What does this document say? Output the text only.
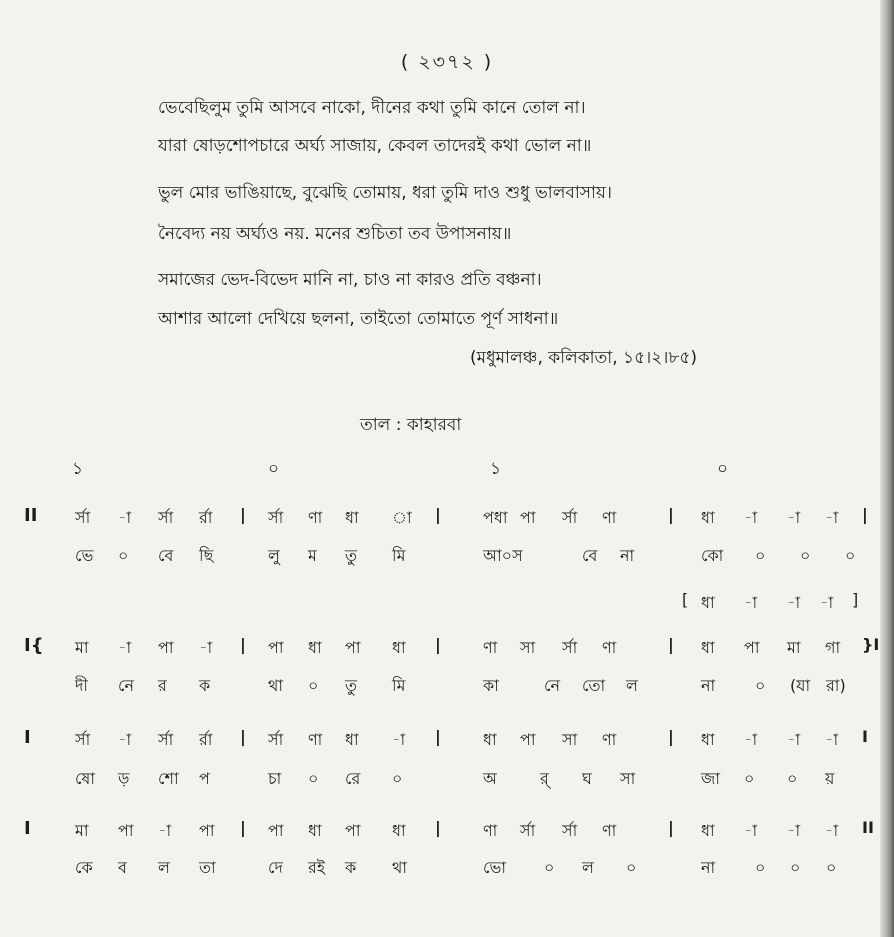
( ২৩৭২ )
ভেবেছিলুম তুমি আসবে নাকো, দীনের কথা তুমি কানে তোল না।
যারা ষোড়শোপচারে অর্ঘ্য সাজায়, কেবল তাদেরই কথা ভোল না॥
ভুল মোর ভাঙিয়াছে, বুঝেছি তোমায়, ধরা তুমি দাও শুধু ভালবাসায়।
নৈবেদ্য নয় অর্ঘ্যও নয়. মনের শুচিতা তব উপাসনায়॥
সমাজের ভেদ-বিভেদ মানি না, চাও না কারও প্রতি বঞ্চনা।
আশার আলো দেখিয়ে ছলনা, তাইতো তোমাতে পূর্ণ সাধনা॥
(মধুমালঞ্চ, কলিকাতা, ১৫।২।৮৫)
তাল : কাহারবা
১	০	১	০
II র্সা -া র্সা র্রা | র্সা ণা ধা া |	পধা পা র্সা ণা	| ধা -া -া -া |
ভে ০ বে ছি	লু ম তু মি	আ০স	বে না	কো ০ ০ ০
[ ধা -া -া -া ]
I{ মা -া পা -া | পা ধা পা ধা |	ণা সা র্সা ণা	| ধা পা মা গা }I
দী নে র ক	থা ০ তু মি	কা	নে তো ল	না ০ (যা রা)
I	র্সা -া র্সা র্রা | র্সা ণা ধা -া |	ধা পা সা ণা	| ধা -া -া -া I
ষো ড় শো প	চা ০ রে ০	অ	র্ ঘ সা	জা ০ ০ য়
I	মা পা -া পা | পা ধা পা ধা |	ণা র্সা র্সা ণা	| ধা -া -া -া II
কে ব ল তা	দে রই ক থা	ভো ০ ল ০	না ০ ০ ০
